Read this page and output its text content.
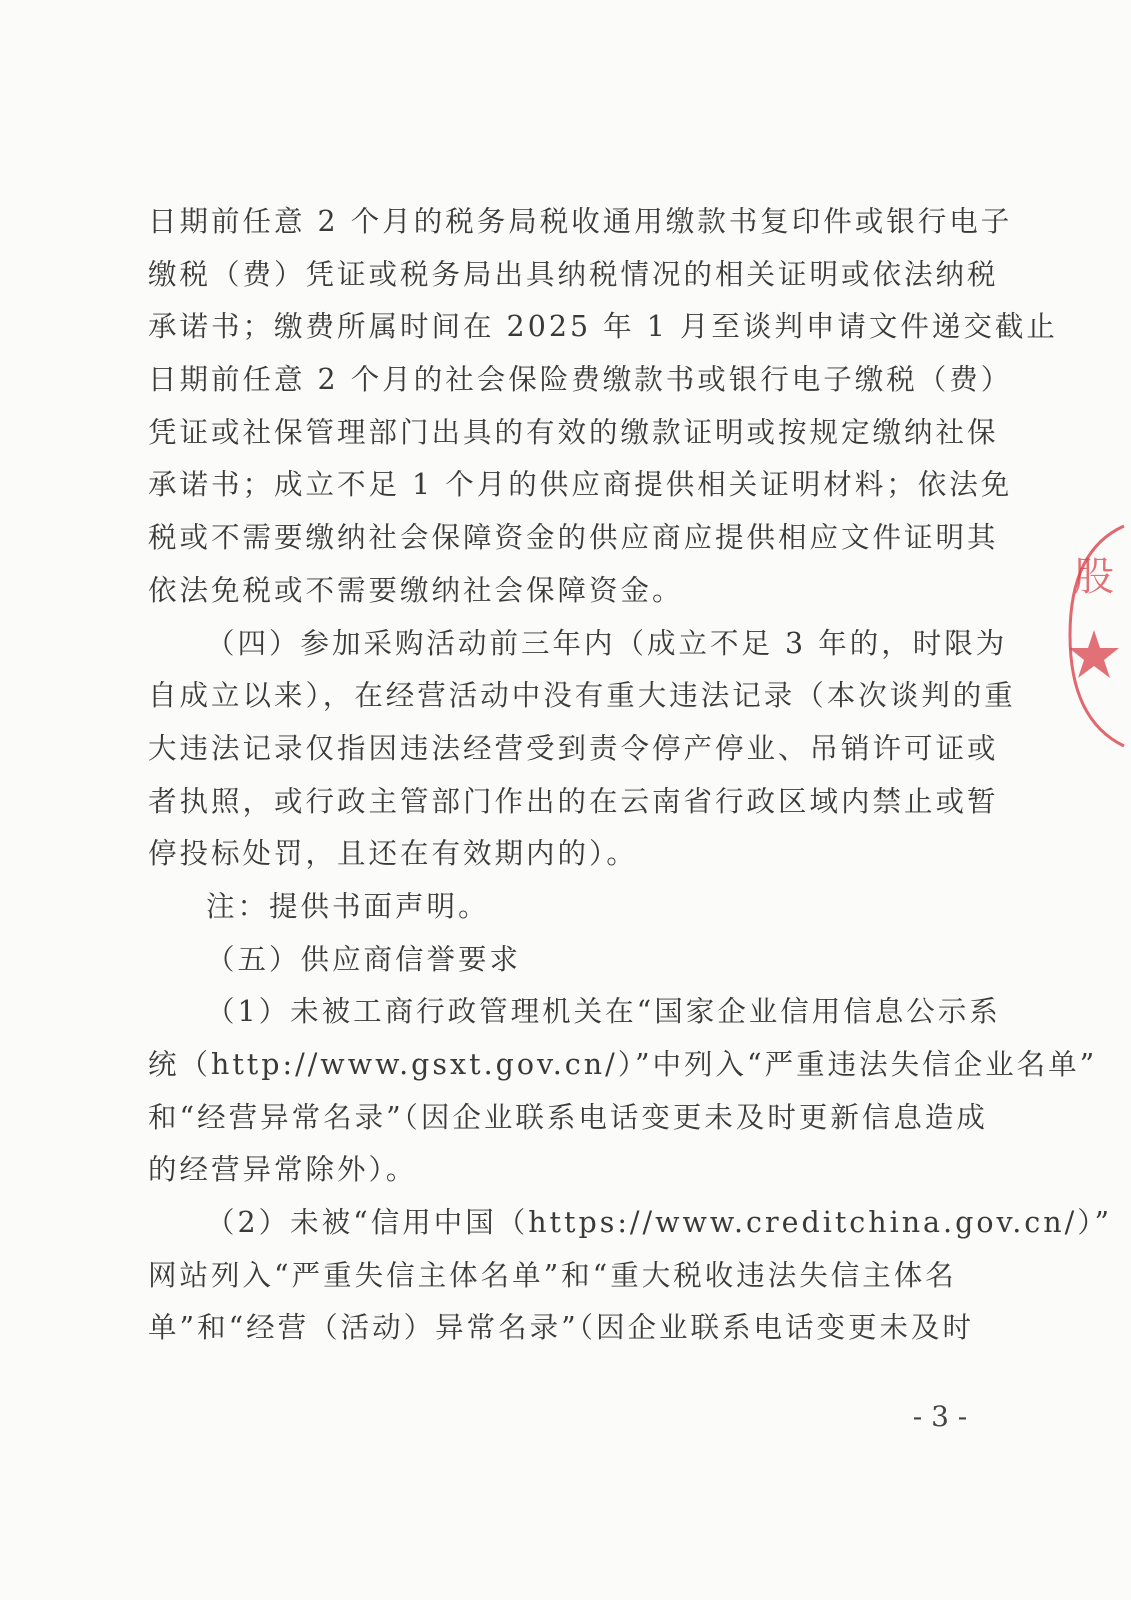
日期前任意 2 个月的税务局税收通用缴款书复印件或银行电子
缴税（费）凭证或税务局出具纳税情况的相关证明或依法纳税
承诺书；缴费所属时间在 2025 年 1 月至谈判申请文件递交截止
日期前任意 2 个月的社会保险费缴款书或银行电子缴税（费）
凭证或社保管理部门出具的有效的缴款证明或按规定缴纳社保
承诺书；成立不足 1 个月的供应商提供相关证明材料；依法免
税或不需要缴纳社会保障资金的供应商应提供相应文件证明其
依法免税或不需要缴纳社会保障资金。
（四）参加采购活动前三年内（成立不足 3 年的，时限为
自成立以来），在经营活动中没有重大违法记录（本次谈判的重
大违法记录仅指因违法经营受到责令停产停业、吊销许可证或
者执照，或行政主管部门作出的在云南省行政区域内禁止或暂
停投标处罚，且还在有效期内的）。
注：提供书面声明。
（五）供应商信誉要求
（1）未被工商行政管理机关在“国家企业信用信息公示系
统（http://www.gsxt.gov.cn/）”中列入“严重违法失信企业名单”
和“经营异常名录”（因企业联系电话变更未及时更新信息造成
的经营异常除外）。
（2）未被“信用中国（https://www.creditchina.gov.cn/）”
网站列入“严重失信主体名单”和“重大税收违法失信主体名
单”和“经营（活动）异常名录”（因企业联系电话变更未及时
股
- 3 -
